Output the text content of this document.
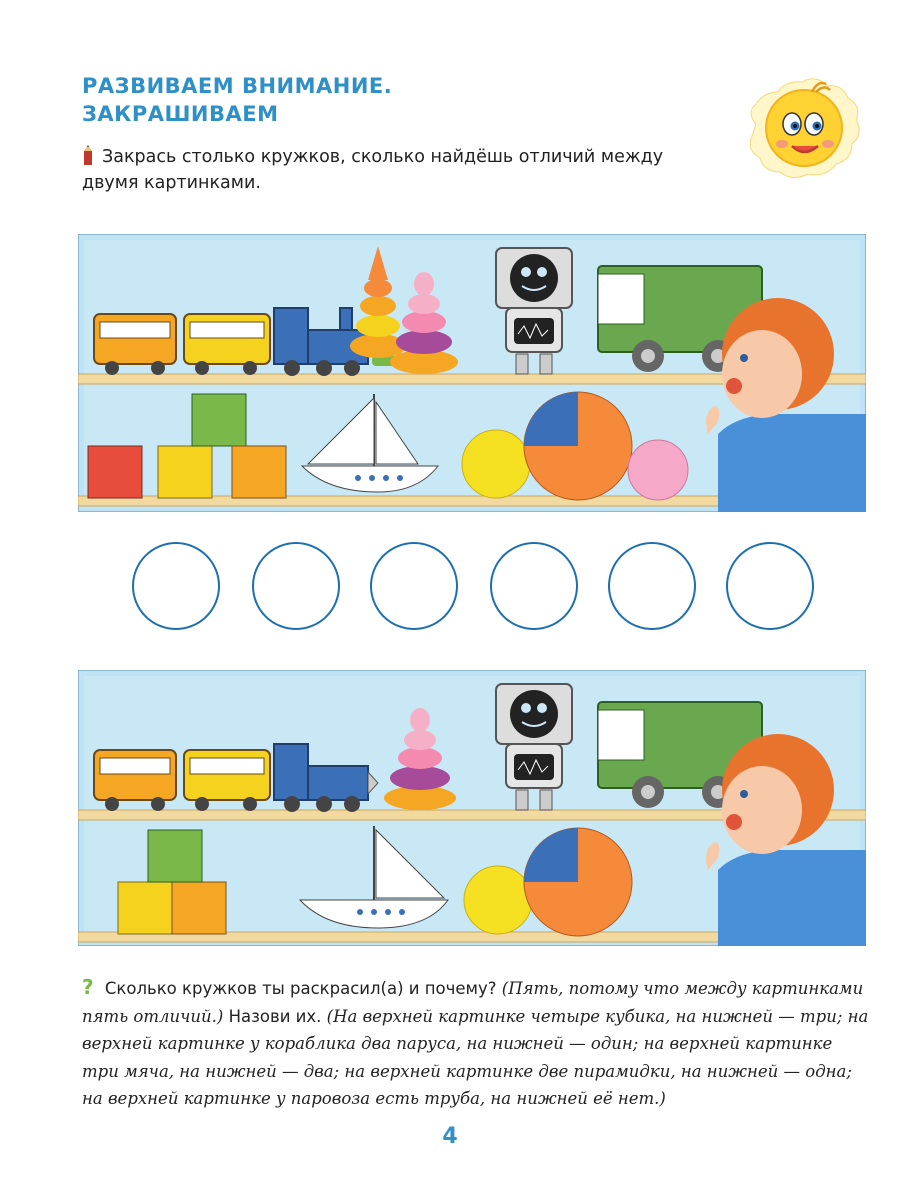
РАЗВИВАЕМ ВНИМАНИЕ.
ЗАКРАШИВАЕМ
Закрась столько кружков, сколько найдёшь отличий между двумя картинками.
? Сколько кружков ты раскрасил(а) и почему? (Пять, потому что между картинками пять отличий.) Назови их. (На верхней картинке четыре кубика, на нижней — три; на верхней картинке у кораблика два паруса, на нижней — один; на верхней картинке три мяча, на нижней — два; на верхней картинке две пирамидки, на нижней — одна; на верхней картинке у паровоза есть труба, на нижней её нет.)
4
